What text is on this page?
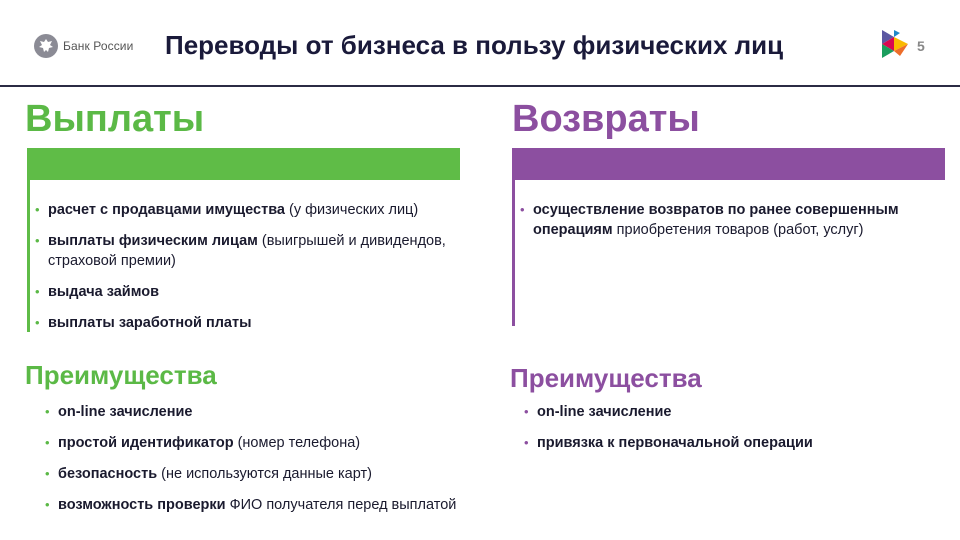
Банк России Переводы от бизнеса в пользу физических лиц	5
Выплаты
• расчет с продавцами имущества (у физических лиц)
• выплаты физическим лицам (выигрышей и дивидендов, страховой премии)
• выдача займов
• выплаты заработной платы
Преимущества
• on-line зачисление
• простой идентификатор (номер телефона)
• безопасность (не используются данные карт)
• возможность проверки ФИО получателя перед выплатой
Возвраты
• осуществление возвратов по ранее совершенным операциям приобретения товаров (работ, услуг)
Преимущества
• on-line зачисление
• привязка к первоначальной операции
